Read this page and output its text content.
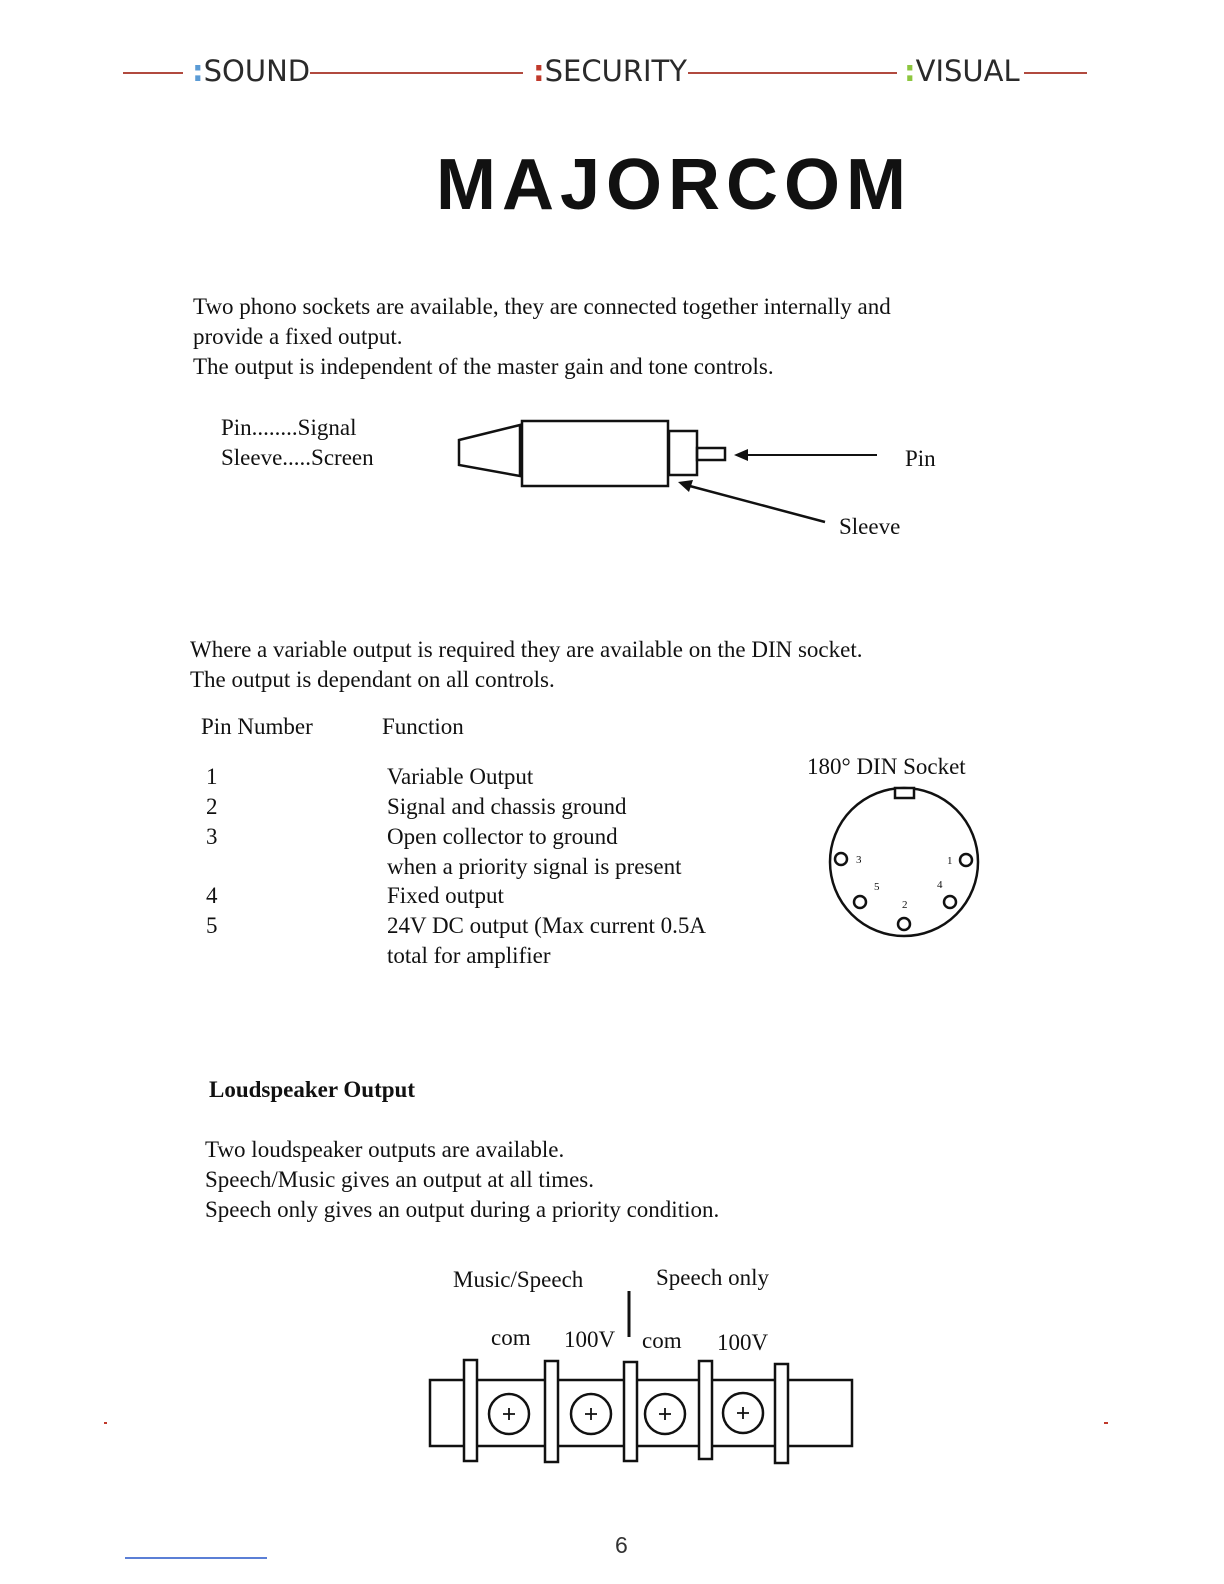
:SOUND	:SECURITY	:VISUAL
MAJORCOM
Two phono sockets are available, they are connected together internally and
provide a fixed output.
The output is independent of the master gain and tone controls.
Pin........Signal
Sleeve.....Screen	Pin
Sleeve
Where a variable output is required they are available on the DIN socket.
The output is dependant on all controls.
Pin Number	Function
1	Variable Output
2	Signal and chassis ground
3	Open collector to ground
when a priority signal is present
4	Fixed output
5	24V DC output (Max current 0.5A
total for amplifier
180° DIN Socket
3	1
5	4
2
Loudspeaker Output
Two loudspeaker outputs are available.
Speech/Music gives an output at all times.
Speech only gives an output during a priority condition.
Music/Speech	Speech only
com 100V com 100V
6
